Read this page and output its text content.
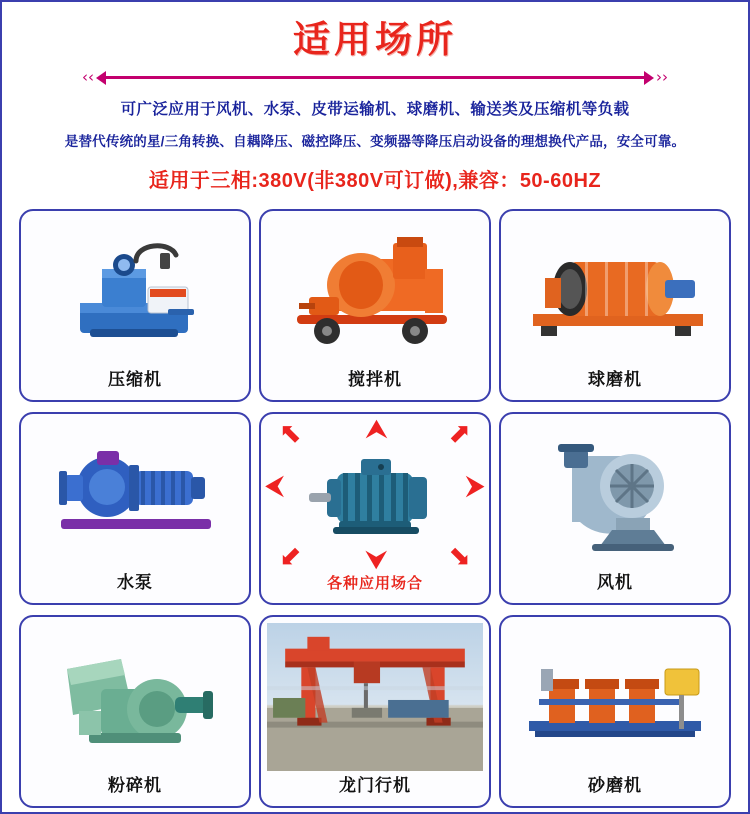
适用场所
‹‹	››
可广泛应用于风机、水泵、皮带运输机、球磨机、输送类及压缩机等负载
是替代传统的星/三角转换、自耦降压、磁控降压、变频器等降压启动设备的理想换代产品，安全可靠。
适用于三相:380V(非380V可订做),兼容：50-60HZ
压缩机	搅拌机	球磨机
水泵
⮝
⮟
⬉	⬈
⬋	⬊
⮜	⮞
各种应用场合	风机
粉碎机	龙门行机	砂磨机
